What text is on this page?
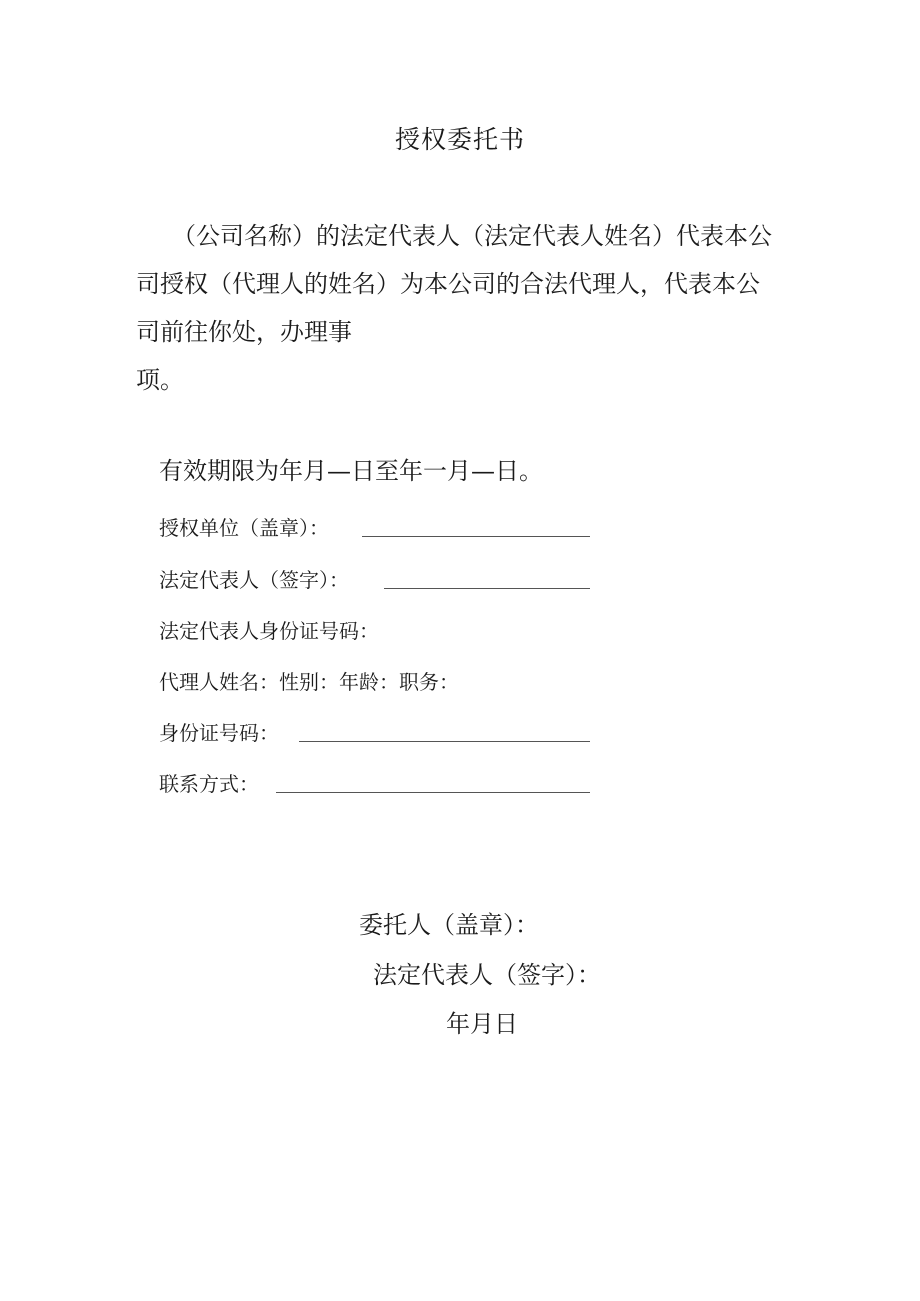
授权委托书
（公司名称）的法定代表人（法定代表人姓名）代表本公
司授权（代理人的姓名）为本公司的合法代理人，代表本公
司前往你处，办理事
项。
有效期限为年月—日至年一月—日。
授权单位（盖章）：
法定代表人（签字）：
法定代表人身份证号码：
代理人姓名：性别：年龄：职务：
身份证号码：
联系方式：
委托人（盖章）：
法定代表人（签字）：
年月日
